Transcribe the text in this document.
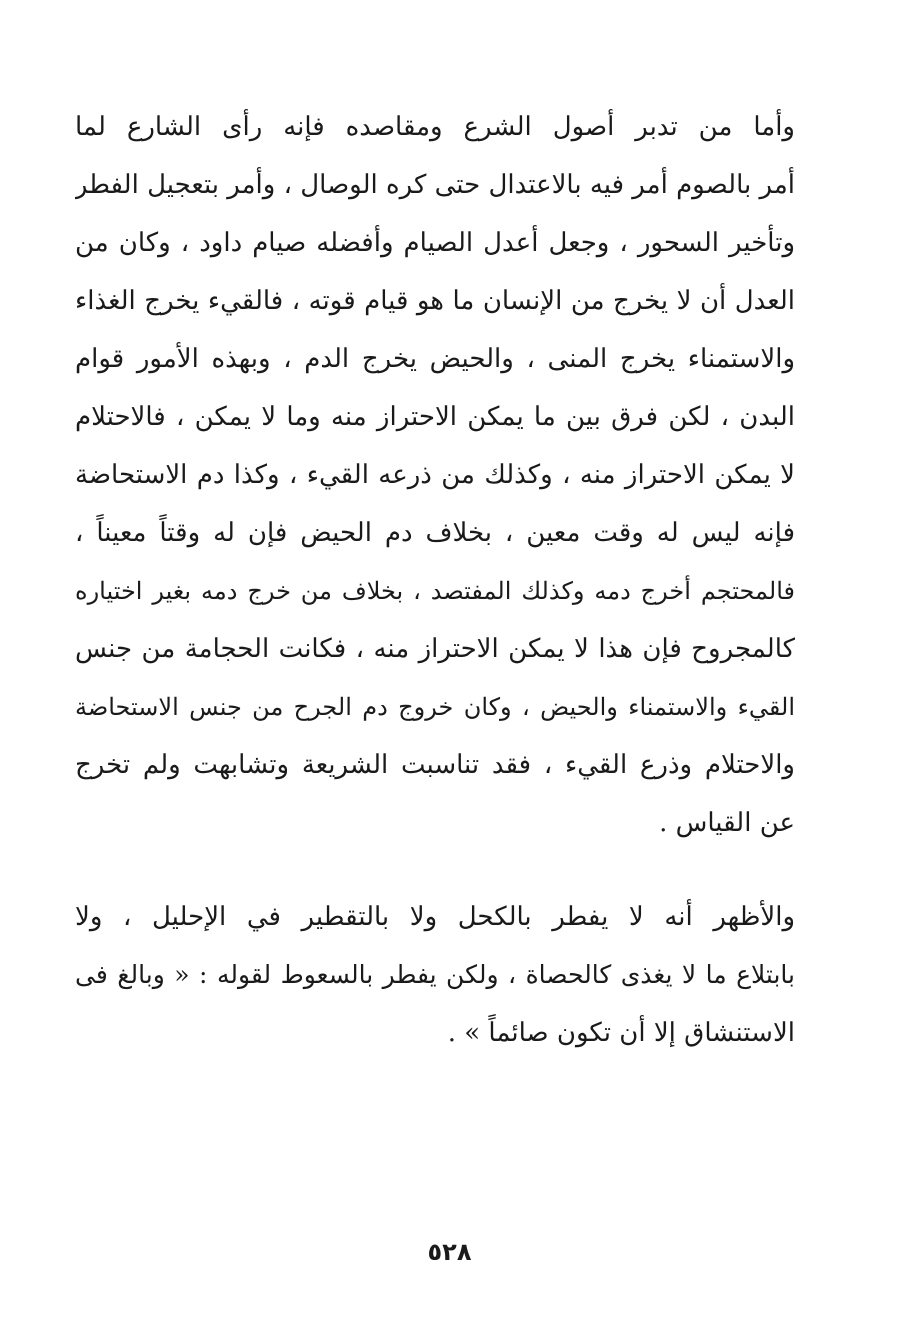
وأما من تدبر أصول الشرع ومقاصده فإنه رأى الشارع لما
أمر بالصوم أمر فيه بالاعتدال حتى كره الوصال ، وأمر بتعجيل الفطر
وتأخير السحور ، وجعل أعدل الصيام وأفضله صيام داود ، وكان من
العدل أن لا يخرج من الإنسان ما هو قيام قوته ، فالقيء يخرج الغذاء
والاستمناء يخرج المنى ، والحيض يخرج الدم ، وبهذه الأمور قوام
البدن ، لكن فرق بين ما يمكن الاحتراز منه وما لا يمكن ، فالاحتلام
لا يمكن الاحتراز منه ، وكذلك من ذرعه القيء ، وكذا دم الاستحاضة
فإنه ليس له وقت معين ، بخلاف دم الحيض فإن له وقتاً معيناً ،
فالمحتجم أخرج دمه وكذلك المفتصد ، بخلاف من خرج دمه بغير اختياره
كالمجروح فإن هذا لا يمكن الاحتراز منه ، فكانت الحجامة من جنس
القيء والاستمناء والحيض ، وكان خروج دم الجرح من جنس الاستحاضة
والاحتلام وذرع القيء ، فقد تناسبت الشريعة وتشابهت ولم تخرج
عن القياس .
والأظهر أنه لا يفطر بالكحل ولا بالتقطير في الإحليل ، ولا
بابتلاع ما لا يغذى كالحصاة ، ولكن يفطر بالسعوط لقوله : « وبالغ فى
الاستنشاق إلا أن تكون صائماً » .
٥٢٨
